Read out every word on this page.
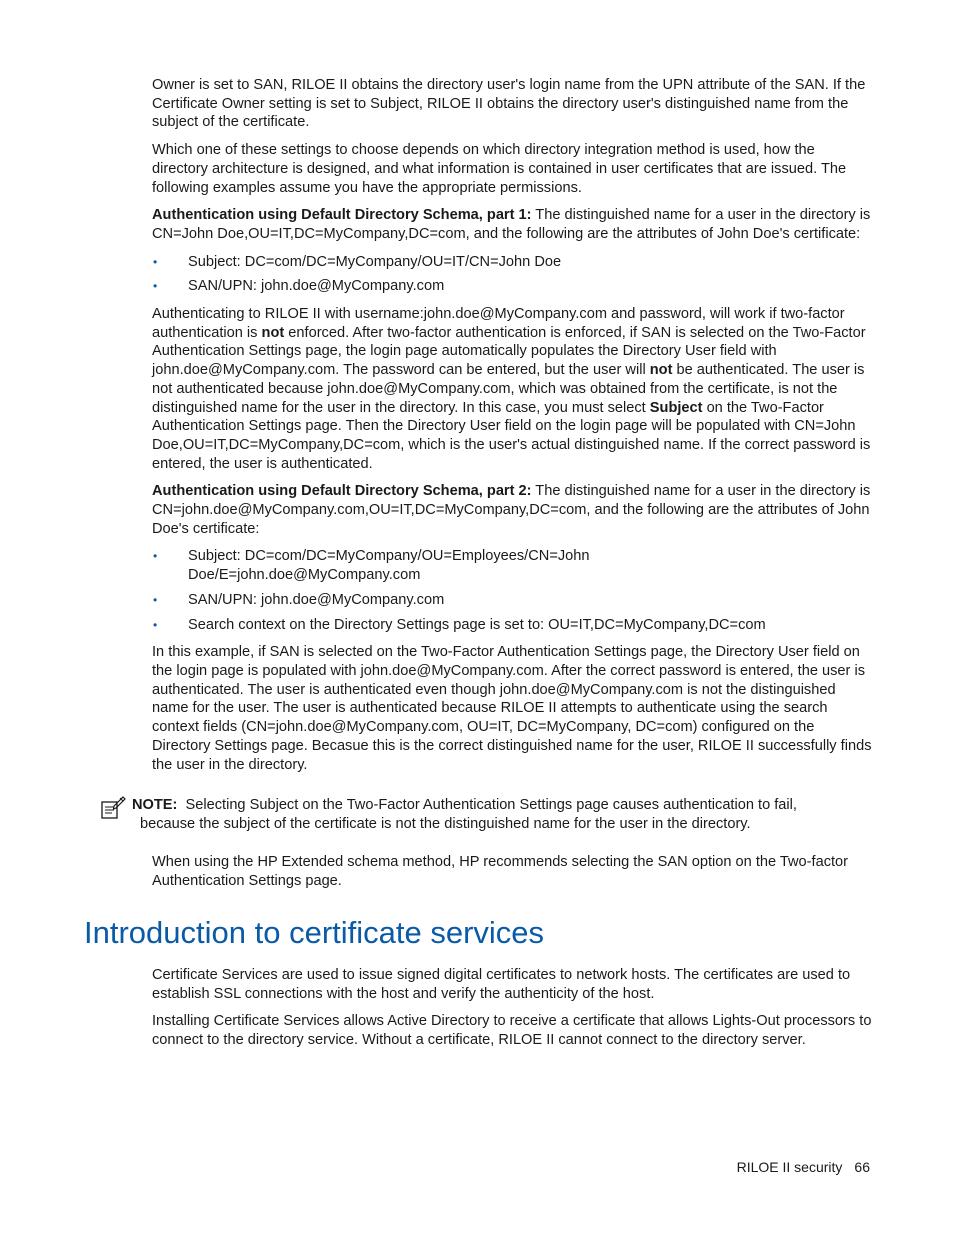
Owner is set to SAN, RILOE II obtains the directory user's login name from the UPN attribute of the SAN. If the Certificate Owner setting is set to Subject, RILOE II obtains the directory user's distinguished name from the subject of the certificate.

Which one of these settings to choose depends on which directory integration method is used, how the directory architecture is designed, and what information is contained in user certificates that are issued. The following examples assume you have the appropriate permissions.

Authentication using Default Directory Schema, part 1: The distinguished name for a user in the directory is CN=John Doe,OU=IT,DC=MyCompany,DC=com, and the following are the attributes of John Doe's certificate:

•	Subject: DC=com/DC=MyCompany/OU=IT/CN=John Doe
•	SAN/UPN: john.doe@MyCompany.com

Authenticating to RILOE II with username:john.doe@MyCompany.com and password, will work if two-factor authentication is not enforced. After two-factor authentication is enforced, if SAN is selected on the Two-Factor Authentication Settings page, the login page automatically populates the Directory User field with john.doe@MyCompany.com. The password can be entered, but the user will not be authenticated. The user is not authenticated because john.doe@MyCompany.com, which was obtained from the certificate, is not the distinguished name for the user in the directory. In this case, you must select Subject on the Two-Factor Authentication Settings page. Then the Directory User field on the login page will be populated with CN=John Doe,OU=IT,DC=MyCompany,DC=com, which is the user's actual distinguished name. If the correct password is entered, the user is authenticated.

Authentication using Default Directory Schema, part 2: The distinguished name for a user in the directory is CN=john.doe@MyCompany.com,OU=IT,DC=MyCompany,DC=com, and the following are the attributes of John Doe's certificate:

•	Subject: DC=com/DC=MyCompany/OU=Employees/CN=John Doe/E=john.doe@MyCompany.com
•	SAN/UPN: john.doe@MyCompany.com
•	Search context on the Directory Settings page is set to: OU=IT,DC=MyCompany,DC=com

In this example, if SAN is selected on the Two-Factor Authentication Settings page, the Directory User field on the login page is populated with john.doe@MyCompany.com. After the correct password is entered, the user is authenticated. The user is authenticated even though john.doe@MyCompany.com is not the distinguished name for the user. The user is authenticated because RILOE II attempts to authenticate using the search context fields (CN=john.doe@MyCompany.com, OU=IT, DC=MyCompany, DC=com) configured on the Directory Settings page. Becasue this is the correct distinguished name for the user, RILOE II successfully finds the user in the directory.

NOTE: Selecting Subject on the Two-Factor Authentication Settings page causes authentication to fail,
because the subject of the certificate is not the distinguished name for the user in the directory.

When using the HP Extended schema method, HP recommends selecting the SAN option on the Two-factor Authentication Settings page.

Introduction to certificate services

Certificate Services are used to issue signed digital certificates to network hosts. The certificates are used to establish SSL connections with the host and verify the authenticity of the host.

Installing Certificate Services allows Active Directory to receive a certificate that allows Lights-Out processors to connect to the directory service. Without a certificate, RILOE II cannot connect to the directory server.

RILOE II security 66
